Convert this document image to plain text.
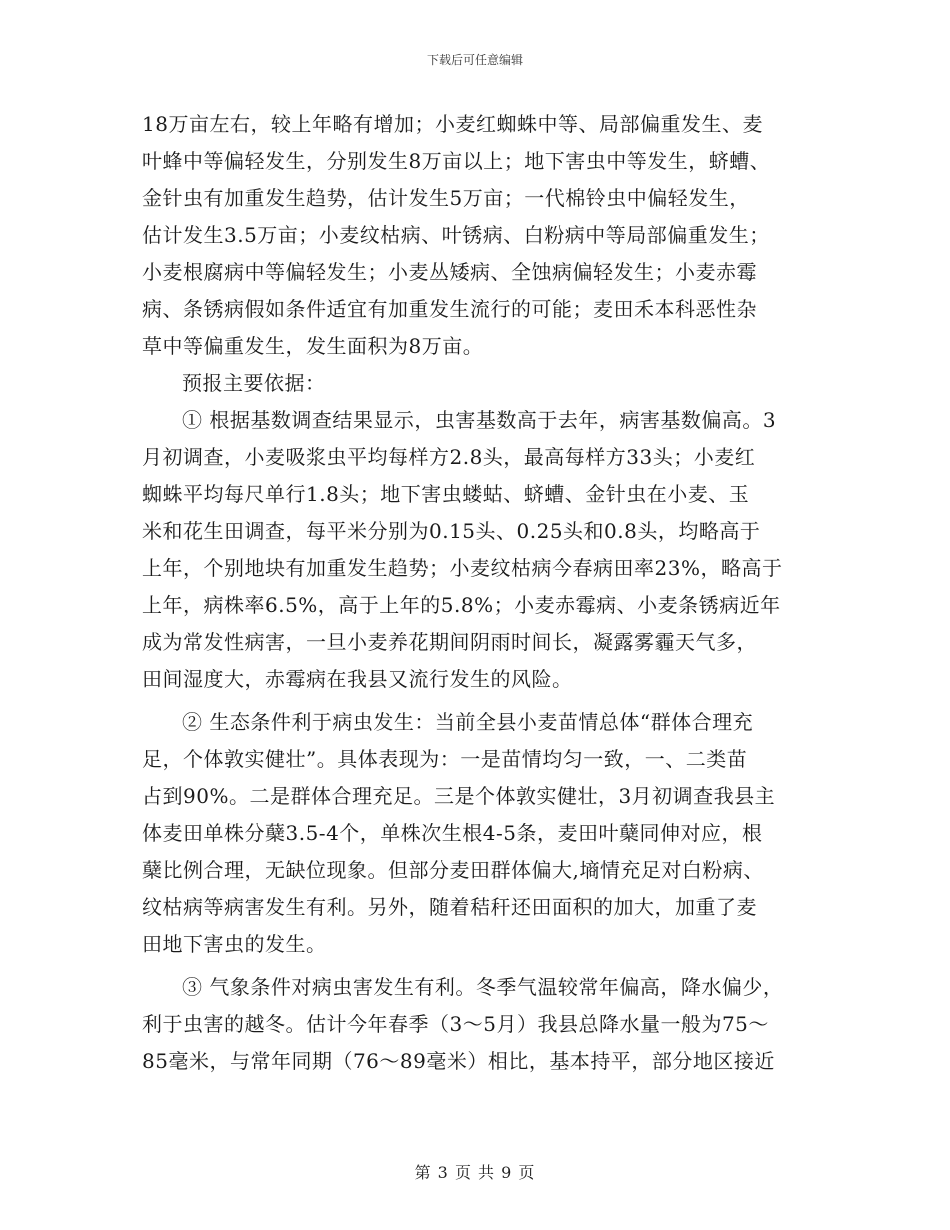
下载后可任意编辑
18万亩左右，较上年略有增加；小麦红蜘蛛中等、局部偏重发生、麦
叶蜂中等偏轻发生，分别发生8万亩以上；地下害虫中等发生，蛴螬、
金针虫有加重发生趋势，估计发生5万亩；一代棉铃虫中偏轻发生，
估计发生3.5万亩；小麦纹枯病、叶锈病、白粉病中等局部偏重发生；
小麦根腐病中等偏轻发生；小麦丛矮病、全蚀病偏轻发生；小麦赤霉
病、条锈病假如条件适宜有加重发生流行的可能；麦田禾本科恶性杂
草中等偏重发生，发生面积为8万亩。
预报主要依据：
① 根据基数调查结果显示，虫害基数高于去年，病害基数偏高。3
月初调查，小麦吸浆虫平均每样方2.8头，最高每样方33头；小麦红
蜘蛛平均每尺单行1.8头；地下害虫蝼蛄、蛴螬、金针虫在小麦、玉
米和花生田调查，每平米分别为0.15头、0.25头和0.8头，均略高于
上年，个别地块有加重发生趋势；小麦纹枯病今春病田率23%，略高于
上年，病株率6.5%，高于上年的5.8%；小麦赤霉病、小麦条锈病近年
成为常发性病害，一旦小麦养花期间阴雨时间长，凝露雾霾天气多，
田间湿度大，赤霉病在我县又流行发生的风险。
② 生态条件利于病虫发生：当前全县小麦苗情总体“群体合理充
足，个体敦实健壮”。具体表现为：一是苗情均匀一致，一、二类苗
占到90%。二是群体合理充足。三是个体敦实健壮，3月初调查我县主
体麦田单株分蘖3.5-4个，单株次生根4-5条，麦田叶蘖同伸对应，根
蘖比例合理，无缺位现象。但部分麦田群体偏大,墒情充足对白粉病、
纹枯病等病害发生有利。另外，随着秸秆还田面积的加大，加重了麦
田地下害虫的发生。
③ 气象条件对病虫害发生有利。冬季气温较常年偏高，降水偏少，
利于虫害的越冬。估计今年春季（3～5月）我县总降水量一般为75～
85毫米，与常年同期（76～89毫米）相比，基本持平，部分地区接近
第 3 页 共 9 页
